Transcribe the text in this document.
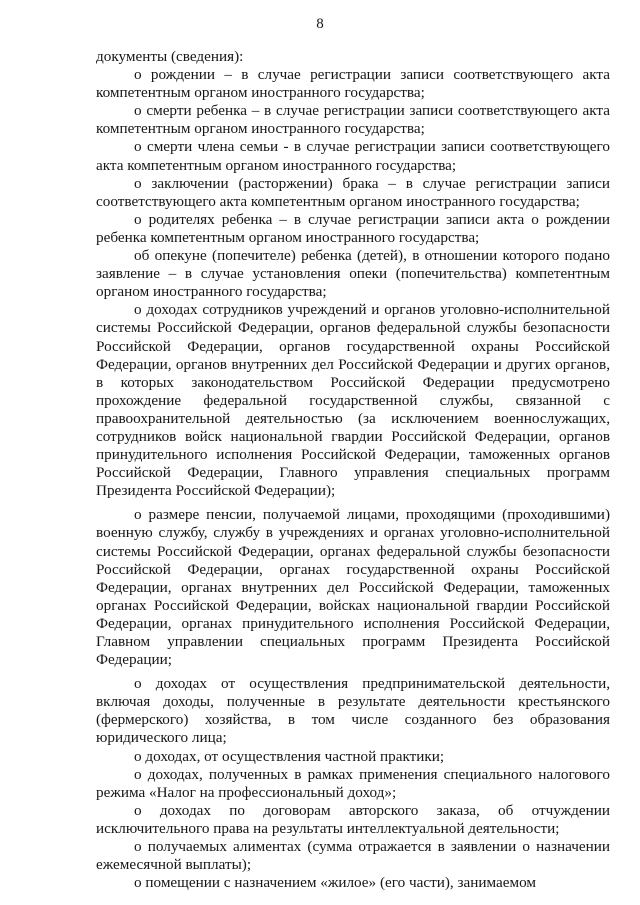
8

документы (сведения):

о рождении – в случае регистрации записи соответствующего акта компетентным органом иностранного государства;

о смерти ребенка – в случае регистрации записи соответствующего акта компетентным органом иностранного государства;

о смерти члена семьи - в случае регистрации записи соответствующего акта компетентным органом иностранного государства;

о заключении (расторжении) брака – в случае регистрации записи соответствующего акта компетентным органом иностранного государства;

о родителях ребенка – в случае регистрации записи акта о рождении ребенка компетентным органом иностранного государства;

об опекуне (попечителе) ребенка (детей), в отношении которого подано заявление – в случае установления опеки (попечительства) компетентным органом иностранного государства;

о доходах сотрудников учреждений и органов уголовно-исполнительной системы Российской Федерации, органов федеральной службы безопасности Российской Федерации, органов государственной охраны Российской Федерации, органов внутренних дел Российской Федерации и других органов, в которых законодательством Российской Федерации предусмотрено прохождение федеральной государственной службы, связанной с правоохранительной деятельностью (за исключением военнослужащих, сотрудников войск национальной гвардии Российской Федерации, органов принудительного исполнения Российской Федерации, таможенных органов Российской Федерации, Главного управления специальных программ Президента Российской Федерации);

о размере пенсии, получаемой лицами, проходящими (проходившими) военную службу, службу в учреждениях и органах уголовно-исполнительной системы Российской Федерации, органах федеральной службы безопасности Российской Федерации, органах государственной охраны Российской Федерации, органах внутренних дел Российской Федерации, таможенных органах Российской Федерации, войсках национальной гвардии Российской Федерации, органах принудительного исполнения Российской Федерации, Главном управлении специальных программ Президента Российской Федерации;

о доходах от осуществления предпринимательской деятельности, включая доходы, полученные в результате деятельности крестьянского (фермерского) хозяйства, в том числе созданного без образования юридического лица;

о доходах, от осуществления частной практики;

о доходах, полученных в рамках применения специального налогового режима «Налог на профессиональный доход»;

о доходах по договорам авторского заказа, об отчуждении исключительного права на результаты интеллектуальной деятельности;

о получаемых алиментах (сумма отражается в заявлении о назначении ежемесячной выплаты);

о помещении с назначением «жилое» (его части), занимаемом
